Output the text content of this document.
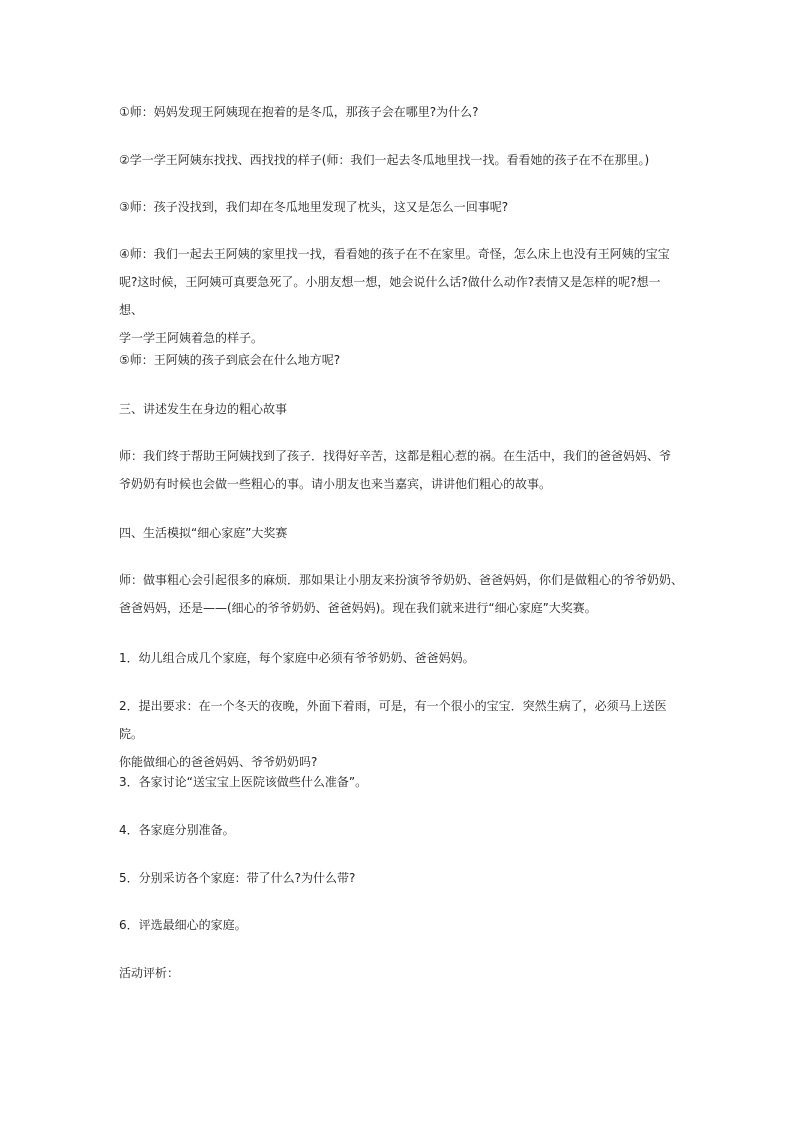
①师：妈妈发现王阿姨现在抱着的是冬瓜，那孩子会在哪里?为什么?

②学一学王阿姨东找找、西找找的样子(师：我们一起去冬瓜地里找一找。看看她的孩子在不在那里。)

③师：孩子没找到，我们却在冬瓜地里发现了枕头，这又是怎么一回事呢?

④师：我们一起去王阿姨的家里找一找，看看她的孩子在不在家里。奇怪，怎么床上也没有王阿姨的宝宝
呢?这时候，王阿姨可真要急死了。小朋友想一想，她会说什么话?做什么动作?表情又是怎样的呢?想一想、
学一学王阿姨着急的样子。

⑤师：王阿姨的孩子到底会在什么地方呢?

三、讲述发生在身边的粗心故事

师：我们终于帮助王阿姨找到了孩子．找得好辛苦，这都是粗心惹的祸。在生活中，我们的爸爸妈妈、爷
爷奶奶有时候也会做一些粗心的事。请小朋友也来当嘉宾，讲讲他们粗心的故事。

四、生活模拟“细心家庭”大奖赛

师：做事粗心会引起很多的麻烦．那如果让小朋友来扮演爷爷奶奶、爸爸妈妈，你们是做粗心的爷爷奶奶、
爸爸妈妈，还是——(细心的爷爷奶奶、爸爸妈妈)。现在我们就来进行“细心家庭”大奖赛。

1．幼儿组合成几个家庭，每个家庭中必须有爷爷奶奶、爸爸妈妈。

2．提出要求：在一个冬天的夜晚，外面下着雨，可是，有一个很小的宝宝．突然生病了，必须马上送医院。
你能做细心的爸爸妈妈、爷爷奶奶吗?

3．各家讨论“送宝宝上医院该做些什么准备”。

4．各家庭分别准备。

5．分别采访各个家庭：带了什么?为什么带?

6．评选最细心的家庭。

活动评析：
